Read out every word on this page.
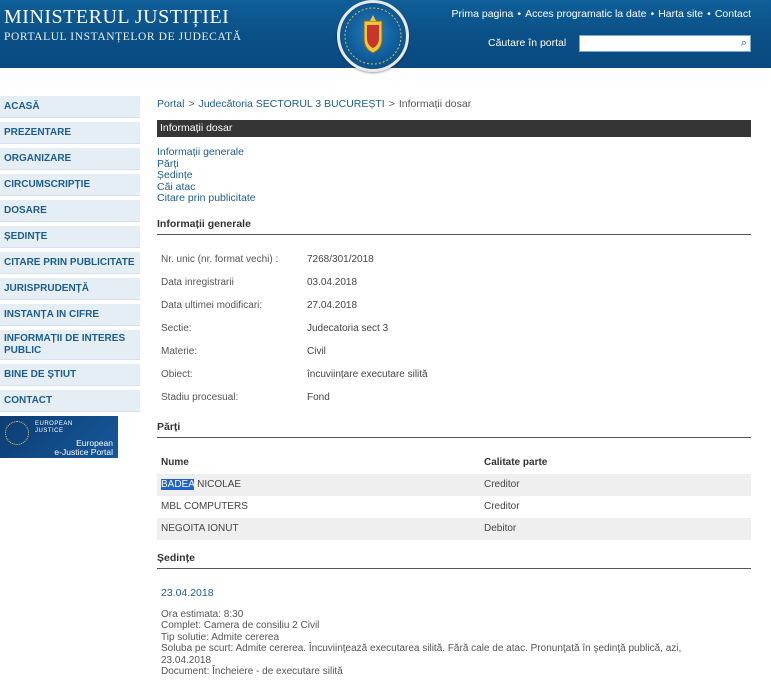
MINISTERUL JUSTIȚIEI
PORTALUL INSTANȚELOR DE JUDECATĂ
Prima pagina • Acces programatic la date • Harta site • Contact
Căutare în portal	⌕
ACASĂ
PREZENTARE
ORGANIZARE
CIRCUMSCRIPȚIE
DOSARE
ȘEDINȚE
CITARE PRIN PUBLICITATE
JURISPRUDENȚĂ
INSTANȚA IN CIFRE
INFORMAȚII DE INTERES PUBLIC
BINE DE ȘTIUT
CONTACT
EUROPEAN
JUSTICE
European
e-Justice Portal
Portal > Judecătoria SECTORUL 3 BUCUREȘTI > Informații dosar
Informații dosar
Informații generale
Părți
Ședințe
Căi atac
Citare prin publicitate
Informații generale
Nr. unic (nr. format vechi) :	7268/301/2018
Data inregistrarii	03.04.2018
Data ultimei modificari:	27.04.2018
Sectie:	Judecatoria sect 3
Materie:	Civil
Obiect:	încuviințare executare silită
Stadiu procesual:	Fond
Părți
Nume	Calitate parte
BADEA NICOLAE	Creditor
MBL COMPUTERS	Creditor
NEGOITA IONUT	Debitor
Ședințe
23.04.2018
Ora estimata: 8:30
Complet: Camera de consiliu 2 Civil
Tip solutie: Admite cererea
Soluba pe scurt: Admite cererea. Încuviinţează executarea silită. Fără cale de atac. Pronunţată în şedinţă publică, azi,
23.04.2018
Document: Încheiere - de executare silită
